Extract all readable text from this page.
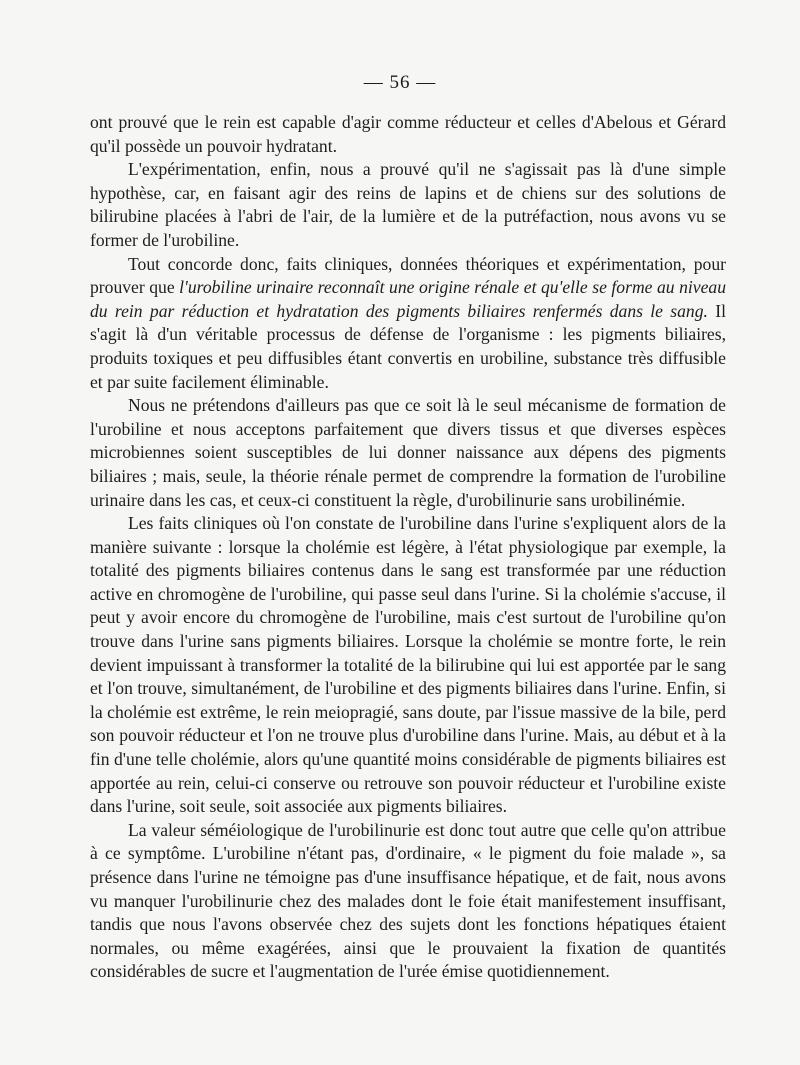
— 56 —

ont prouvé que le rein est capable d'agir comme réducteur et celles d'Abelous et Gérard qu'il possède un pouvoir hydratant.

L'expérimentation, enfin, nous a prouvé qu'il ne s'agissait pas là d'une simple hypothèse, car, en faisant agir des reins de lapins et de chiens sur des solutions de bilirubine placées à l'abri de l'air, de la lumière et de la putréfaction, nous avons vu se former de l'urobiline.

Tout concorde donc, faits cliniques, données théoriques et expérimentation, pour prouver que l'urobiline urinaire reconnaît une origine rénale et qu'elle se forme au niveau du rein par réduction et hydratation des pigments biliaires renfermés dans le sang. Il s'agit là d'un véritable processus de défense de l'organisme : les pigments biliaires, produits toxiques et peu diffusibles étant convertis en urobiline, substance très diffusible et par suite facilement éliminable.

Nous ne prétendons d'ailleurs pas que ce soit là le seul mécanisme de formation de l'urobiline et nous acceptons parfaitement que divers tissus et que diverses espèces microbiennes soient susceptibles de lui donner naissance aux dépens des pigments biliaires ; mais, seule, la théorie rénale permet de comprendre la formation de l'urobiline urinaire dans les cas, et ceux-ci constituent la règle, d'urobilinurie sans urobilinémie.

Les faits cliniques où l'on constate de l'urobiline dans l'urine s'expliquent alors de la manière suivante : lorsque la cholémie est légère, à l'état physiologique par exemple, la totalité des pigments biliaires contenus dans le sang est transformée par une réduction active en chromogène de l'urobiline, qui passe seul dans l'urine. Si la cholémie s'accuse, il peut y avoir encore du chromogène de l'urobiline, mais c'est surtout de l'urobiline qu'on trouve dans l'urine sans pigments biliaires. Lorsque la cholémie se montre forte, le rein devient impuissant à transformer la totalité de la bilirubine qui lui est apportée par le sang et l'on trouve, simultanément, de l'urobiline et des pigments biliaires dans l'urine. Enfin, si la cholémie est extrême, le rein meiopragié, sans doute, par l'issue massive de la bile, perd son pouvoir réducteur et l'on ne trouve plus d'urobiline dans l'urine. Mais, au début et à la fin d'une telle cholémie, alors qu'une quantité moins considérable de pigments biliaires est apportée au rein, celui-ci conserve ou retrouve son pouvoir réducteur et l'urobiline existe dans l'urine, soit seule, soit associée aux pigments biliaires.

La valeur séméiologique de l'urobilinurie est donc tout autre que celle qu'on attribue à ce symptôme. L'urobiline n'étant pas, d'ordinaire, « le pigment du foie malade », sa présence dans l'urine ne témoigne pas d'une insuffisance hépatique, et de fait, nous avons vu manquer l'urobilinurie chez des malades dont le foie était manifestement insuffisant, tandis que nous l'avons observée chez des sujets dont les fonctions hépatiques étaient normales, ou même exagérées, ainsi que le prouvaient la fixation de quantités considérables de sucre et l'augmentation de l'urée émise quotidiennement.
